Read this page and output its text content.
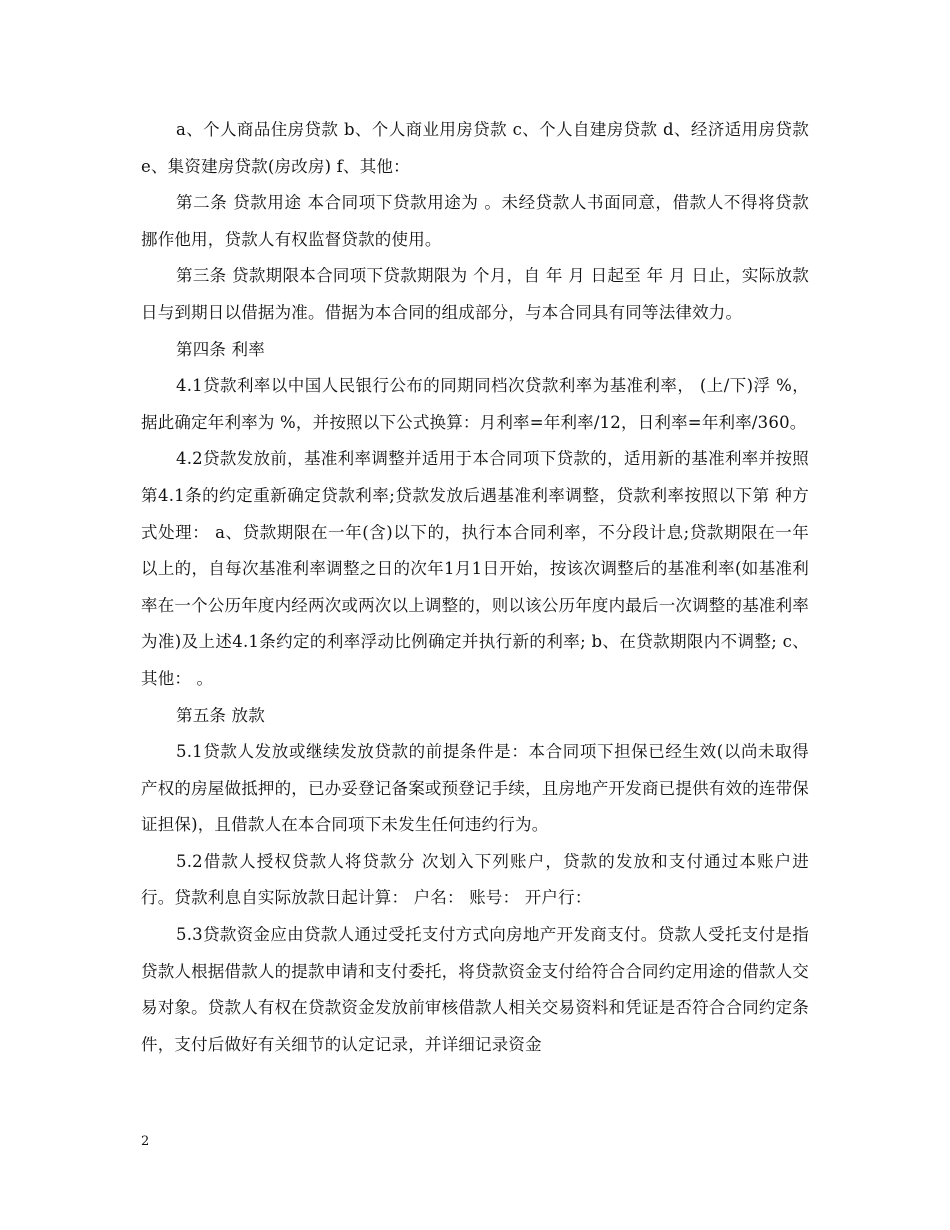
a、个人商品住房贷款 b、个人商业用房贷款 c、个人自建房贷款 d、经济适用房贷款 e、集资建房贷款(房改房) f、其他：

第二条 贷款用途 本合同项下贷款用途为 。未经贷款人书面同意，借款人不得将贷款挪作他用，贷款人有权监督贷款的使用。

第三条 贷款期限本合同项下贷款期限为 个月，自 年 月 日起至 年 月 日止，实际放款日与到期日以借据为准。借据为本合同的组成部分，与本合同具有同等法律效力。

第四条 利率

4.1贷款利率以中国人民银行公布的同期同档次贷款利率为基准利率， (上/下)浮 %，据此确定年利率为 %，并按照以下公式换算：月利率=年利率/12，日利率=年利率/360。

4.2贷款发放前，基准利率调整并适用于本合同项下贷款的，适用新的基准利率并按照第4.1条的约定重新确定贷款利率;贷款发放后遇基准利率调整，贷款利率按照以下第 种方式处理： a、贷款期限在一年(含)以下的，执行本合同利率，不分段计息;贷款期限在一年以上的，自每次基准利率调整之日的次年1月1日开始，按该次调整后的基准利率(如基准利率在一个公历年度内经两次或两次以上调整的，则以该公历年度内最后一次调整的基准利率为准)及上述4.1条约定的利率浮动比例确定并执行新的利率; b、在贷款期限内不调整; c、其他： 。

第五条 放款

5.1贷款人发放或继续发放贷款的前提条件是：本合同项下担保已经生效(以尚未取得产权的房屋做抵押的，已办妥登记备案或预登记手续，且房地产开发商已提供有效的连带保证担保)，且借款人在本合同项下未发生任何违约行为。

5.2借款人授权贷款人将贷款分 次划入下列账户，贷款的发放和支付通过本账户进行。贷款利息自实际放款日起计算： 户名： 账号： 开户行：

5.3贷款资金应由贷款人通过受托支付方式向房地产开发商支付。贷款人受托支付是指贷款人根据借款人的提款申请和支付委托，将贷款资金支付给符合合同约定用途的借款人交易对象。贷款人有权在贷款资金发放前审核借款人相关交易资料和凭证是否符合合同约定条件，支付后做好有关细节的认定记录，并详细记录资金

2
